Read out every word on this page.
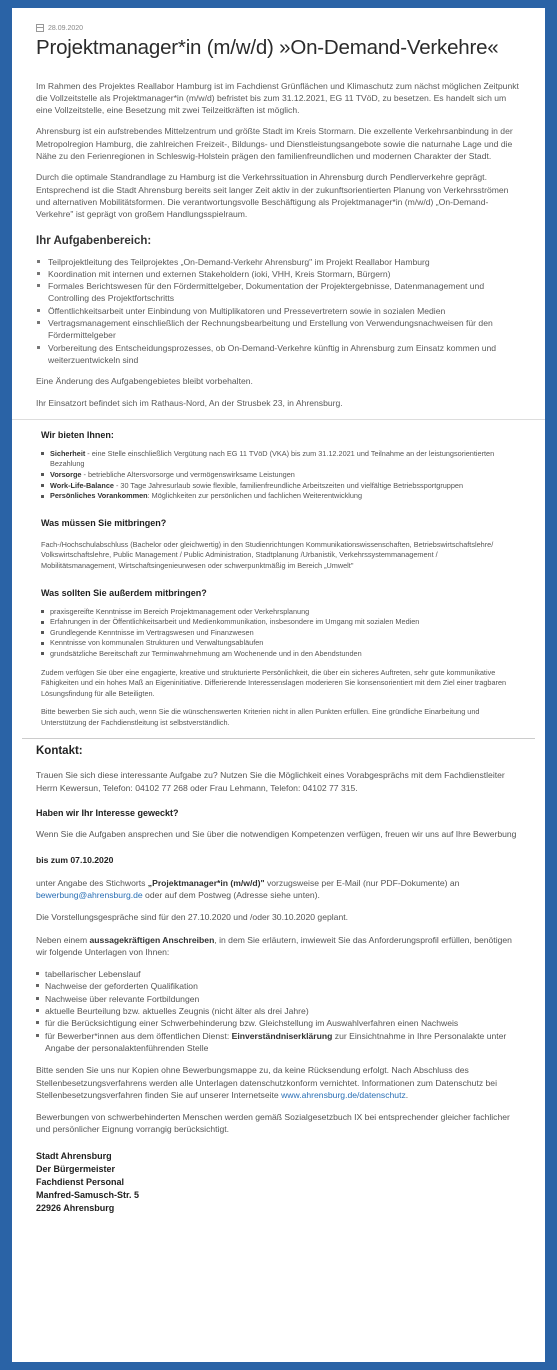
28.09.2020
Projektmanager*in (m/w/d) »On-Demand-Verkehre«

Im Rahmen des Projektes Reallabor Hamburg ist im Fachdienst Grünflächen und Klimaschutz zum nächst möglichen Zeitpunkt die Vollzeitstelle als Projektmanager*in (m/w/d) befristet bis zum 31.12.2021, EG 11 TVöD, zu besetzen. Es handelt sich um eine Vollzeitstelle, eine Besetzung mit zwei Teilzeitkräften ist möglich.

Ahrensburg ist ein aufstrebendes Mittelzentrum und größte Stadt im Kreis Stormarn. Die exzellente Verkehrsanbindung in der Metropolregion Hamburg, die zahlreichen Freizeit-, Bildungs- und Dienstleistungsangebote sowie die naturnahe Lage und die Nähe zu den Ferienregionen in Schleswig-Holstein prägen den familienfreundlichen und modernen Charakter der Stadt.

Durch die optimale Standrandlage zu Hamburg ist die Verkehrssituation in Ahrensburg durch Pendlerverkehre geprägt. Entsprechend ist die Stadt Ahrensburg bereits seit langer Zeit aktiv in der zukunftsorientierten Planung von Verkehrsströmen und alternativen Mobilitätsformen. Die verantwortungsvolle Beschäftigung als Projektmanager*in (m/w/d) „On-Demand-Verkehre" ist geprägt von großem Handlungsspielraum.

Ihr Aufgabenbereich:
Teilprojektleitung des Teilprojektes „On-Demand-Verkehr Ahrensburg" im Projekt Reallabor Hamburg
Koordination mit internen und externen Stakeholdern (ioki, VHH, Kreis Stormarn, Bürgern)
Formales Berichtswesen für den Fördermittelgeber, Dokumentation der Projektergebnisse, Datenmanagement und Controlling des Projektfortschritts
Öffentlichkeitsarbeit unter Einbindung von Multiplikatoren und Pressevertretern sowie in sozialen Medien
Vertragsmanagement einschließlich der Rechnungsbearbeitung und Erstellung von Verwendungsnachweisen für den Fördermittelgeber
Vorbereitung des Entscheidungsprozesses, ob On-Demand-Verkehre künftig in Ahrensburg zum Einsatz kommen und weiterzuentwickeln sind

Eine Änderung des Aufgabengebietes bleibt vorbehalten.

Ihr Einsatzort befindet sich im Rathaus-Nord, An der Strusbek 23, in Ahrensburg.

Wir bieten Ihnen:
Sicherheit - eine Stelle einschließlich Vergütung nach EG 11 TVöD (VKA) bis zum 31.12.2021 und Teilnahme an der leistungsorientierten Bezahlung
Vorsorge - betriebliche Altersvorsorge und vermögenswirksame Leistungen
Work-Life-Balance - 30 Tage Jahresurlaub sowie flexible, familienfreundliche Arbeitszeiten und vielfältige Betriebssportgruppen
Persönliches Vorankommen: Möglichkeiten zur persönlichen und fachlichen Weiterentwicklung
Was müssen Sie mitbringen?

Fach-/Hochschulabschluss (Bachelor oder gleichwertig) in den Studienrichtungen Kommunikationswissenschaften, Betriebswirtschaftslehre/ Volkswirtschaftslehre, Public Management / Public Administration, Stadtplanung /Urbanistik, Verkehrssystemmanagement / Mobilitätsmanagement, Wirtschaftsingenieurwesen oder schwerpunktmäßig im Bereich „Umwelt"

Was sollten Sie außerdem mitbringen?
praxisgereifte Kenntnisse im Bereich Projektmanagement oder Verkehrsplanung
Erfahrungen in der Öffentlichkeitsarbeit und Medienkommunikation, insbesondere im Umgang mit sozialen Medien
Grundlegende Kenntnisse im Vertragswesen und Finanzwesen
Kenntnisse von kommunalen Strukturen und Verwaltungsabläufen
grundsätzliche Bereitschaft zur Terminwahrnehmung am Wochenende und in den Abendstunden

Zudem verfügen Sie über eine engagierte, kreative und strukturierte Persönlichkeit, die über ein sicheres Auftreten, sehr gute kommunikative Fähigkeiten und ein hohes Maß an Eigeninitiative. Differierende Interessenslagen moderieren Sie konsensorientiert mit dem Ziel einer tragbaren Lösungsfindung für alle Beteiligten.

Bitte bewerben Sie sich auch, wenn Sie die wünschenswerten Kriterien nicht in allen Punkten erfüllen. Eine gründliche Einarbeitung und Unterstützung der Fachdienstleitung ist selbstverständlich.

Kontakt:

Trauen Sie sich diese interessante Aufgabe zu? Nutzen Sie die Möglichkeit eines Vorabgesprächs mit dem Fachdienstleiter Herrn Kewersun, Telefon: 04102 77 268 oder Frau Lehmann, Telefon: 04102 77 315.

Haben wir Ihr Interesse geweckt?

Wenn Sie die Aufgaben ansprechen und Sie über die notwendigen Kompetenzen verfügen, freuen wir uns auf Ihre Bewerbung

bis zum 07.10.2020

unter Angabe des Stichworts „Projektmanager*in (m/w/d)" vorzugsweise per E-Mail (nur PDF-Dokumente) an bewerbung@ahrensburg.de oder auf dem Postweg (Adresse siehe unten).

Die Vorstellungsgespräche sind für den 27.10.2020 und /oder 30.10.2020 geplant.

Neben einem aussagekräftigen Anschreiben, in dem Sie erläutern, inwieweit Sie das Anforderungsprofil erfüllen, benötigen wir folgende Unterlagen von Ihnen:

tabellarischer Lebenslauf
Nachweise der geforderten Qualifikation
Nachweise über relevante Fortbildungen
aktuelle Beurteilung bzw. aktuelles Zeugnis (nicht älter als drei Jahre)
für die Berücksichtigung einer Schwerbehinderung bzw. Gleichstellung im Auswahlverfahren einen Nachweis
für Bewerber*innen aus dem öffentlichen Dienst: Einverständniserklärung zur Einsichtnahme in Ihre Personalakte unter Angabe der personalaktenführenden Stelle

Bitte senden Sie uns nur Kopien ohne Bewerbungsmappe zu, da keine Rücksendung erfolgt. Nach Abschluss des Stellenbesetzungsverfahrens werden alle Unterlagen datenschutzkonform vernichtet. Informationen zum Datenschutz bei Stellenbesetzungsverfahren finden Sie auf unserer Internetseite www.ahrensburg.de/datenschutz.

Bewerbungen von schwerbehinderten Menschen werden gemäß Sozialgesetzbuch IX bei entsprechender gleicher fachlicher und persönlicher Eignung vorrangig berücksichtigt.

Stadt Ahrensburg
Der Bürgermeister
Fachdienst Personal
Manfred-Samusch-Str. 5
22926 Ahrensburg
